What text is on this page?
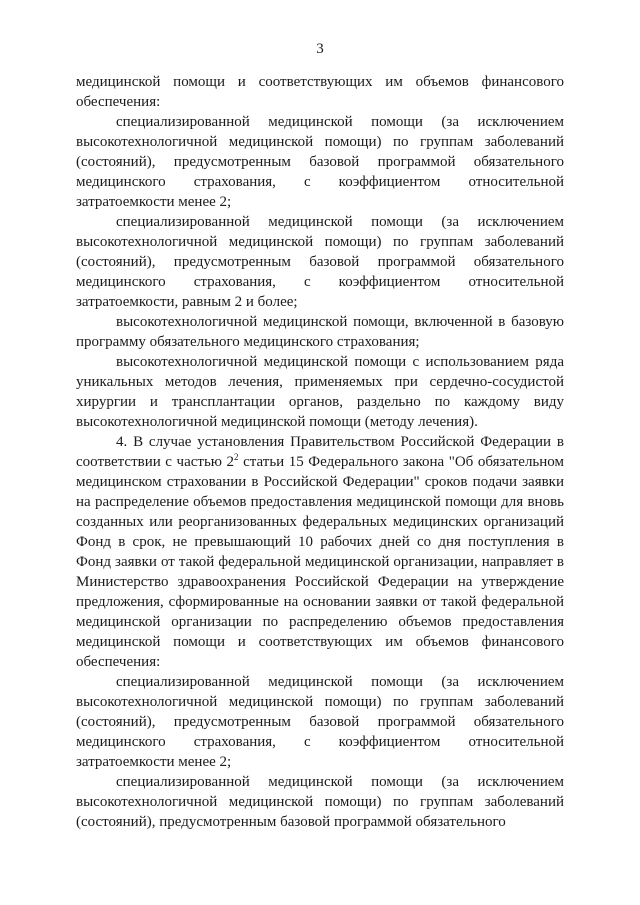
3

медицинской помощи и соответствующих им объемов финансового обеспечения:

специализированной медицинской помощи (за исключением высокотехнологичной медицинской помощи) по группам заболеваний (состояний), предусмотренным базовой программой обязательного медицинского страхования, с коэффициентом относительной затратоемкости менее 2;

специализированной медицинской помощи (за исключением высокотехнологичной медицинской помощи) по группам заболеваний (состояний), предусмотренным базовой программой обязательного медицинского страхования, с коэффициентом относительной затратоемкости, равным 2 и более;

высокотехнологичной медицинской помощи, включенной в базовую программу обязательного медицинского страхования;

высокотехнологичной медицинской помощи с использованием ряда уникальных методов лечения, применяемых при сердечно-сосудистой хирургии и трансплантации органов, раздельно по каждому виду высокотехнологичной медицинской помощи (методу лечения).

4. В случае установления Правительством Российской Федерации в соответствии с частью $2^2$ статьи 15 Федерального закона "Об обязательном медицинском страховании в Российской Федерации" сроков подачи заявки на распределение объемов предоставления медицинской помощи для вновь созданных или реорганизованных федеральных медицинских организаций Фонд в срок, не превышающий 10 рабочих дней со дня поступления в Фонд заявки от такой федеральной медицинской организации, направляет в Министерство здравоохранения Российской Федерации на утверждение предложения, сформированные на основании заявки от такой федеральной медицинской организации по распределению объемов предоставления медицинской помощи и соответствующих им объемов финансового обеспечения:

специализированной медицинской помощи (за исключением высокотехнологичной медицинской помощи) по группам заболеваний (состояний), предусмотренным базовой программой обязательного медицинского страхования, с коэффициентом относительной затратоемкости менее 2;

специализированной медицинской помощи (за исключением высокотехнологичной медицинской помощи) по группам заболеваний (состояний), предусмотренным базовой программой обязательного
